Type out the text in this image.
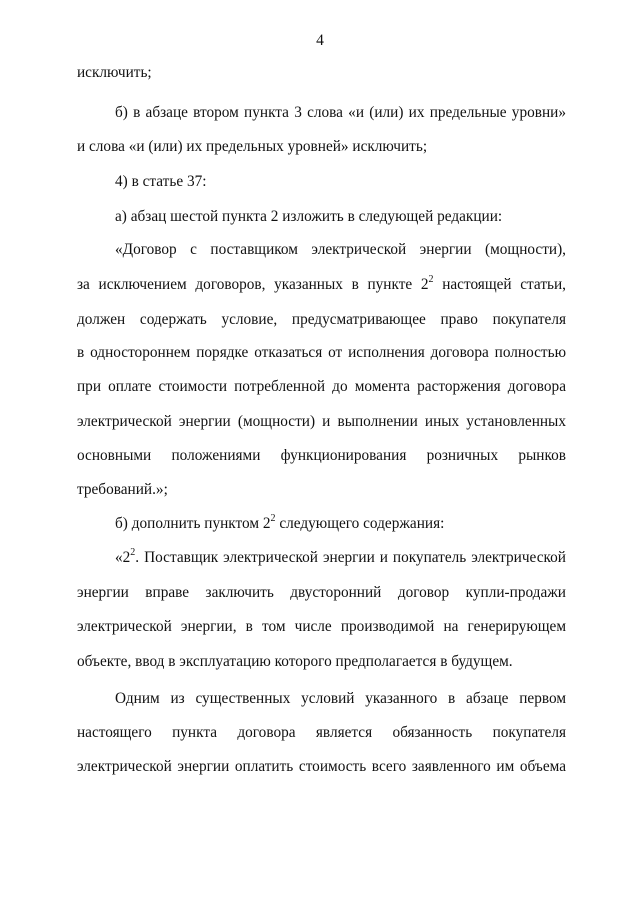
4
исключить;
б) в абзаце втором пункта 3 слова «и (или) их предельные уровни»
и слова «и (или) их предельных уровней» исключить;
4) в статье 37:
а) абзац шестой пункта 2 изложить в следующей редакции:
«Договор с поставщиком электрической энергии (мощности),
за исключением договоров, указанных в пункте $2^2$ настоящей статьи,
должен содержать условие, предусматривающее право покупателя
в одностороннем порядке отказаться от исполнения договора полностью
при оплате стоимости потребленной до момента расторжения договора
электрической энергии (мощности) и выполнении иных установленных
основными положениями функционирования розничных рынков
требований.»;
б) дополнить пунктом $2^2$ следующего содержания:
«$2^2$. Поставщик электрической энергии и покупатель электрической
энергии вправе заключить двусторонний договор купли-продажи
электрической энергии, в том числе производимой на генерирующем
объекте, ввод в эксплуатацию которого предполагается в будущем.
Одним из существенных условий указанного в абзаце первом
настоящего пункта договора является обязанность покупателя
электрической энергии оплатить стоимость всего заявленного им объема
